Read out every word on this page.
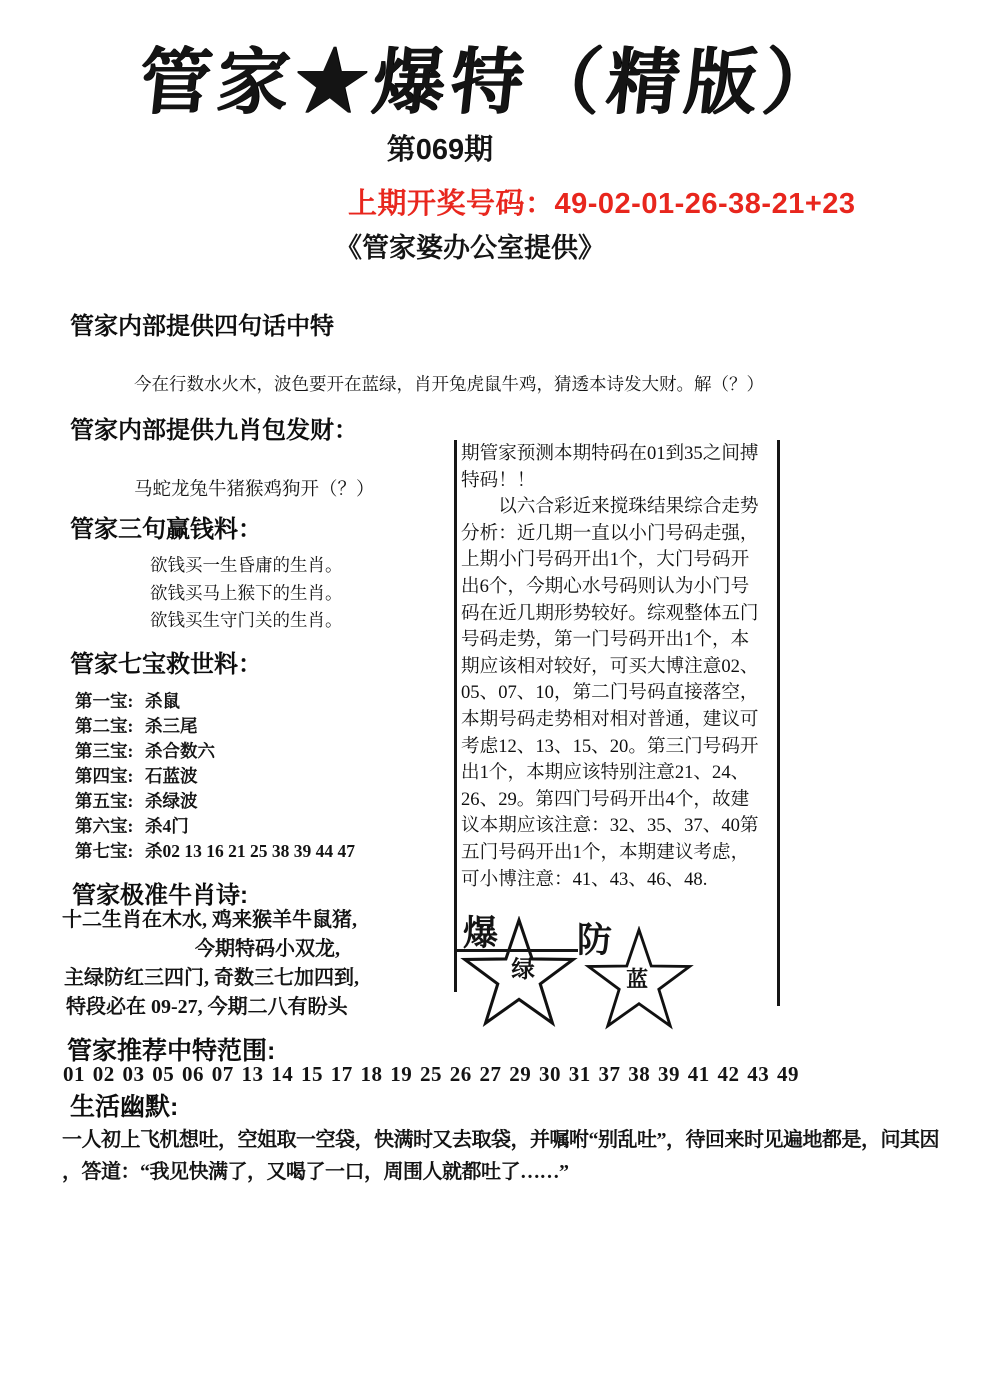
管家★爆特（精版）
第069期
上期开奖号码：49-02-01-26-38-21+23
《管家婆办公室提供》
管家内部提供四句话中特
今在行数水火木，波色要开在蓝绿，肖开兔虎鼠牛鸡，猜透本诗发大财。解（？）
管家内部提供九肖包发财：
马蛇龙兔牛猪猴鸡狗开（？）
管家三句赢钱料：
欲钱买一生昏庸的生肖。
欲钱买马上猴下的生肖。
欲钱买生守门关的生肖。
管家七宝救世料：
第一宝: 杀鼠
第二宝: 杀三尾
第三宝: 杀合数六
第四宝: 石蓝波
第五宝: 杀绿波
第六宝: 杀4门
第七宝: 杀02 13 16 21 25 38 39 44 47
管家极准牛肖诗:
十二生肖在木水, 鸡来猴羊牛鼠猪,
今期特码小双龙,
主绿防红三四门, 奇数三七加四到,
特段必在 09-27, 今期二八有盼头
期管家预测本期特码在01到35之间搏
特码！！
　　以六合彩近来搅珠结果综合走势
分析：近几期一直以小门号码走强，
上期小门号码开出1个，大门号码开
出6个，今期心水号码则认为小门号
码在近几期形势较好。综观整体五门
号码走势，第一门号码开出1个，本
期应该相对较好，可买大博注意02、
05、07、10，第二门号码直接落空，
本期号码走势相对相对普通，建议可
考虑12、13、15、20。第三门号码开
出1个，本期应该特别注意21、24、
26、29。第四门号码开出4个，故建
议本期应该注意：32、35、37、40第
五门号码开出1个，本期建议考虑，
可小博注意：41、43、46、48.
爆 防
绿	蓝
管家推荐中特范围:
01 02 03 05 06 07 13 14 15 17 18 19 25 26 27 29 30 31 37 38 39 41 42 43 49
生活幽默:
一人初上飞机想吐，空姐取一空袋，快满时又去取袋，并嘱咐“别乱吐”，待回来时见遍地都是，问其因
，答道：“我见快满了，又喝了一口，周围人就都吐了……”
